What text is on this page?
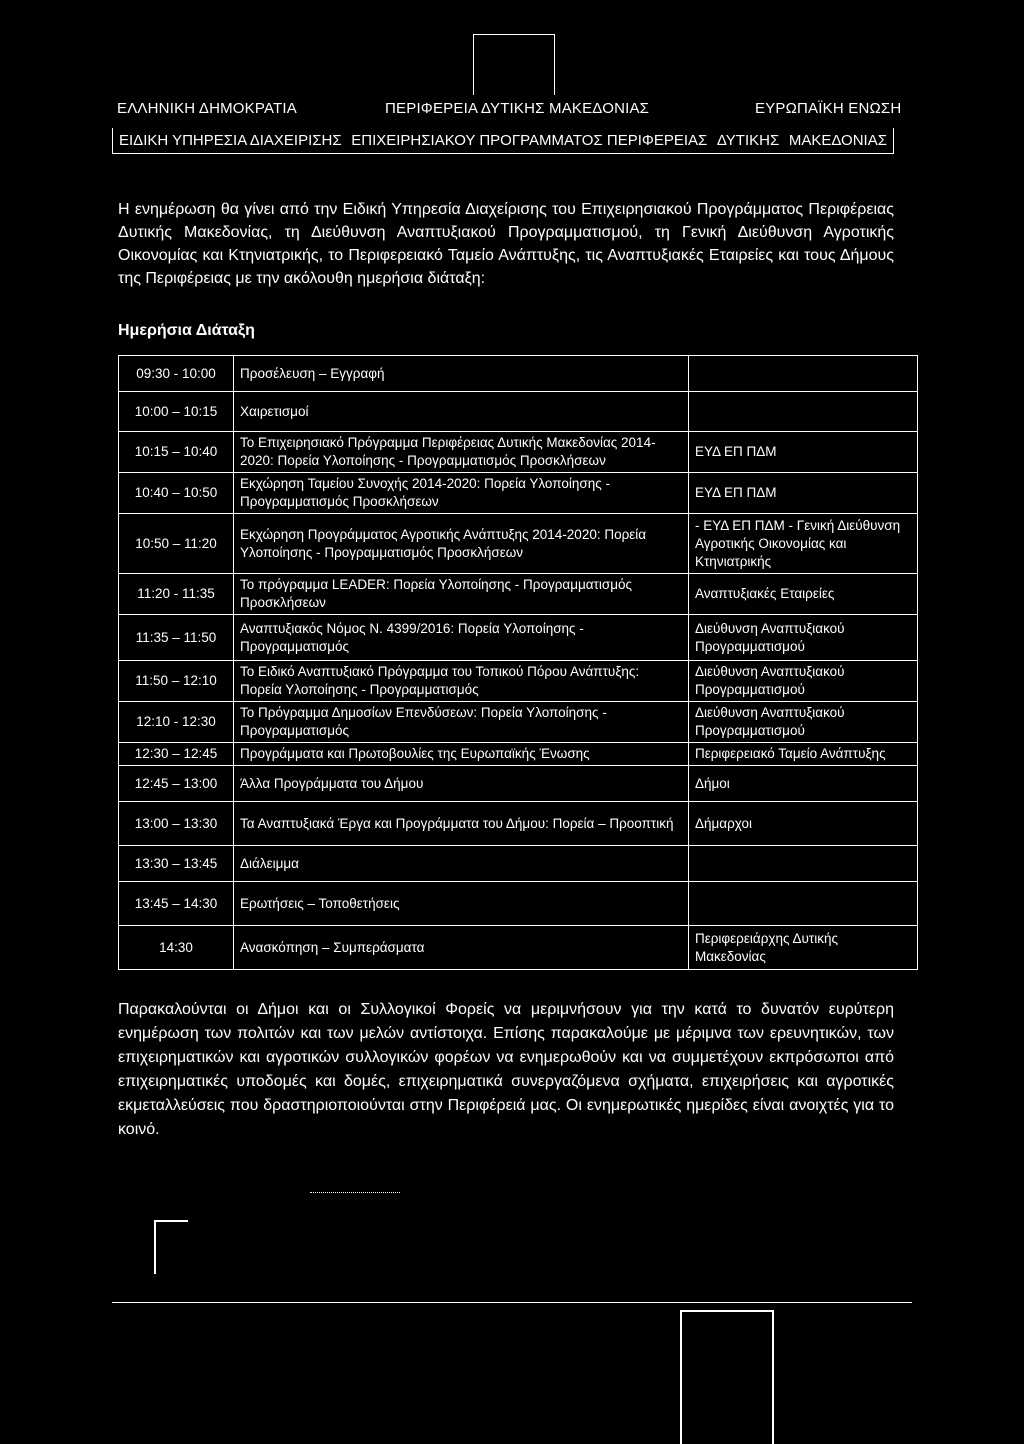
ΕΛΛΗΝΙΚΗ ΔΗΜΟΚΡΑΤΙΑ	ΠΕΡΙΦΕΡΕΙΑ ΔΥΤΙΚΗΣ ΜΑΚΕΔΟΝΙΑΣ	ΕΥΡΩΠΑΪΚΗ ΕΝΩΣΗ
ΕΙΔΙΚΗ ΥΠΗΡΕΣΙΑ ΔΙΑΧΕΙΡΙΣΗΣ ΕΠΙΧΕΙΡΗΣΙΑΚΟΥ ΠΡΟΓΡΑΜΜΑΤΟΣ ΠΕΡΙΦΕΡΕΙΑΣ ΔΥΤΙΚΗΣ ΜΑΚΕΔΟΝΙΑΣ
Η ενημέρωση θα γίνει από την Ειδική Υπηρεσία Διαχείρισης του Επιχειρησιακού Προγράμματος Περιφέρειας Δυτικής Μακεδονίας, τη Διεύθυνση Αναπτυξιακού Προγραμματισμού, τη Γενική Διεύθυνση Αγροτικής Οικονομίας και Κτηνιατρικής, το Περιφερειακό Ταμείο Ανάπτυξης, τις Αναπτυξιακές Εταιρείες και τους Δήμους της Περιφέρειας με την ακόλουθη ημερήσια διάταξη:
Ημερήσια Διάταξη
09:30 - 10:00	Προσέλευση – Εγγραφή	
10:00 – 10:15	Χαιρετισμοί	
10:15 – 10:40	Το Επιχειρησιακό Πρόγραμμα Περιφέρειας Δυτικής Μακεδονίας 2014-2020: Πορεία Υλοποίησης - Προγραμματισμός Προσκλήσεων	ΕΥΔ ΕΠ ΠΔΜ
10:40 – 10:50	Εκχώρηση Ταμείου Συνοχής 2014-2020: Πορεία Υλοποίησης - Προγραμματισμός Προσκλήσεων	ΕΥΔ ΕΠ ΠΔΜ
10:50 – 11:20	Εκχώρηση Προγράμματος Αγροτικής Ανάπτυξης 2014-2020: Πορεία Υλοποίησης - Προγραμματισμός Προσκλήσεων	- ΕΥΔ ΕΠ ΠΔΜ - Γενική Διεύθυνση Αγροτικής Οικονομίας και Κτηνιατρικής
11:20 - 11:35	Το πρόγραμμα LEADER: Πορεία Υλοποίησης - Προγραμματισμός Προσκλήσεων	Αναπτυξιακές Εταιρείες
11:35 – 11:50	Αναπτυξιακός Νόμος Ν. 4399/2016: Πορεία Υλοποίησης - Προγραμματισμός	Διεύθυνση Αναπτυξιακού Προγραμματισμού
11:50 – 12:10	Το Ειδικό Αναπτυξιακό Πρόγραμμα του Τοπικού Πόρου Ανάπτυξης: Πορεία Υλοποίησης - Προγραμματισμός	Διεύθυνση Αναπτυξιακού Προγραμματισμού
12:10 - 12:30	Το Πρόγραμμα Δημοσίων Επενδύσεων: Πορεία Υλοποίησης - Προγραμματισμός	Διεύθυνση Αναπτυξιακού Προγραμματισμού
12:30 – 12:45	Προγράμματα και Πρωτοβουλίες της Ευρωπαϊκής Ένωσης	Περιφερειακό Ταμείο Ανάπτυξης
12:45 – 13:00	Άλλα Προγράμματα του Δήμου	Δήμοι
13:00 – 13:30	Τα Αναπτυξιακά Έργα και Προγράμματα του Δήμου: Πορεία – Προοπτική	Δήμαρχοι
13:30 – 13:45	Διάλειμμα	
13:45 – 14:30	Ερωτήσεις – Τοποθετήσεις	
14:30	Ανασκόπηση – Συμπεράσματα	Περιφερειάρχης Δυτικής Μακεδονίας
Παρακαλούνται οι Δήμοι και οι Συλλογικοί Φορείς να μεριμνήσουν για την κατά το δυνατόν ευρύτερη ενημέρωση των πολιτών και των μελών αντίστοιχα. Επίσης παρακαλούμε με μέριμνα των ερευνητικών, των επιχειρηματικών και αγροτικών συλλογικών φορέων να ενημερωθούν και να συμμετέχουν εκπρόσωποι από επιχειρηματικές υποδομές και δομές, επιχειρηματικά συνεργαζόμενα σχήματα, επιχειρήσεις και αγροτικές εκμεταλλεύσεις που δραστηριοποιούνται στην Περιφέρειά μας. Οι ενημερωτικές ημερίδες είναι ανοιχτές για το κοινό.
